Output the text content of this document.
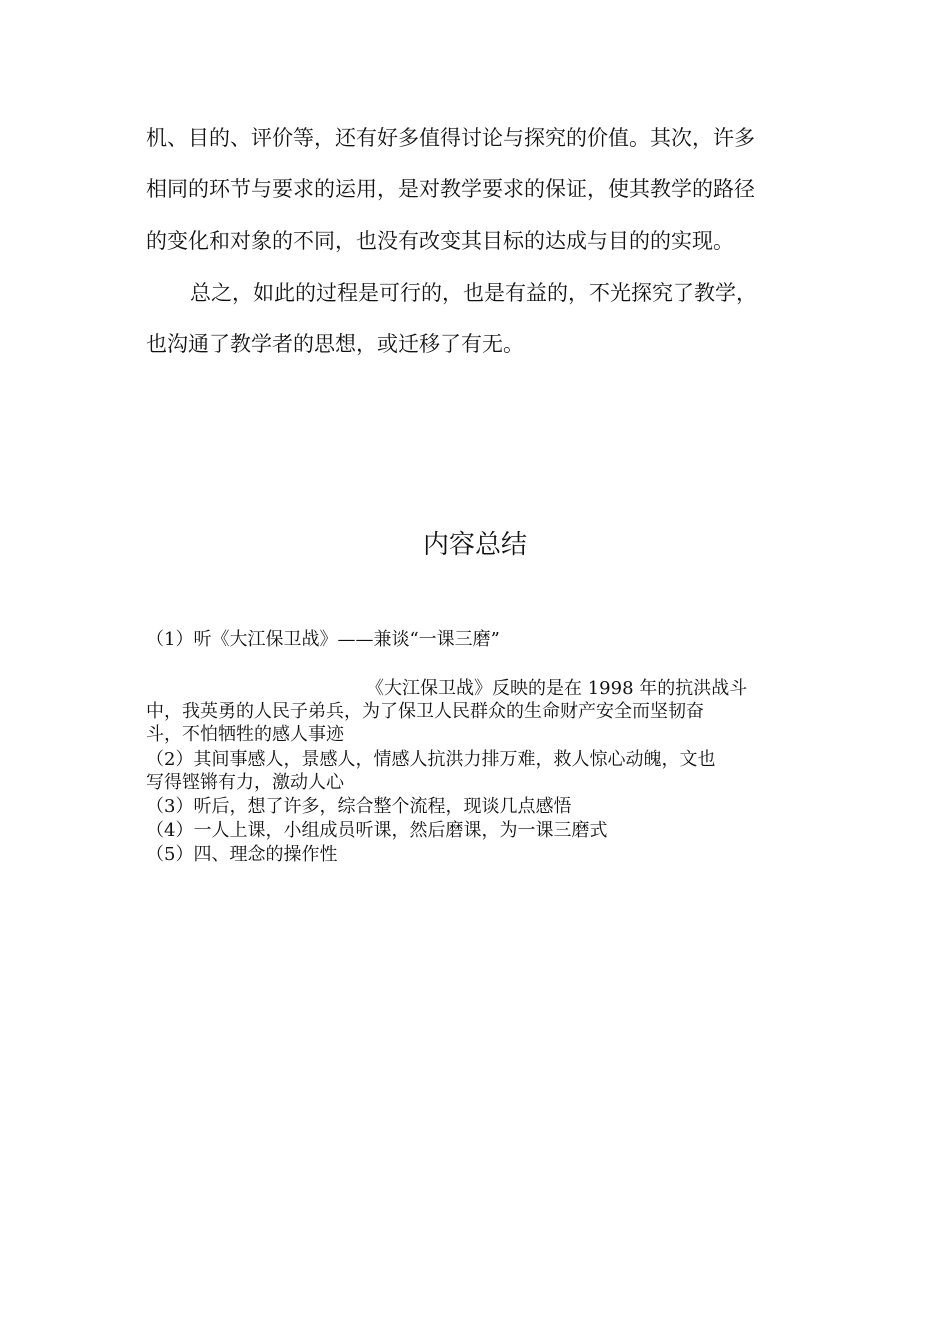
机、目的、评价等，还有好多值得讨论与探究的价值。其次，许多
相同的环节与要求的运用，是对教学要求的保证，使其教学的路径
的变化和对象的不同，也没有改变其目标的达成与目的的实现。
总之，如此的过程是可行的，也是有益的，不光探究了教学，
也沟通了教学者的思想，或迁移了有无。
内容总结
（1）听《大江保卫战》——兼谈“一课三磨”
《大江保卫战》反映的是在 1998 年的抗洪战斗
中，我英勇的人民子弟兵，为了保卫人民群众的生命财产安全而坚韧奋
斗，不怕牺牲的感人事迹
（2）其间事感人，景感人，情感人抗洪力排万难，救人惊心动魄，文也
写得铿锵有力，激动人心
（3）听后，想了许多，综合整个流程，现谈几点感悟
（4）一人上课，小组成员听课，然后磨课，为一课三磨式
（5）四、理念的操作性
